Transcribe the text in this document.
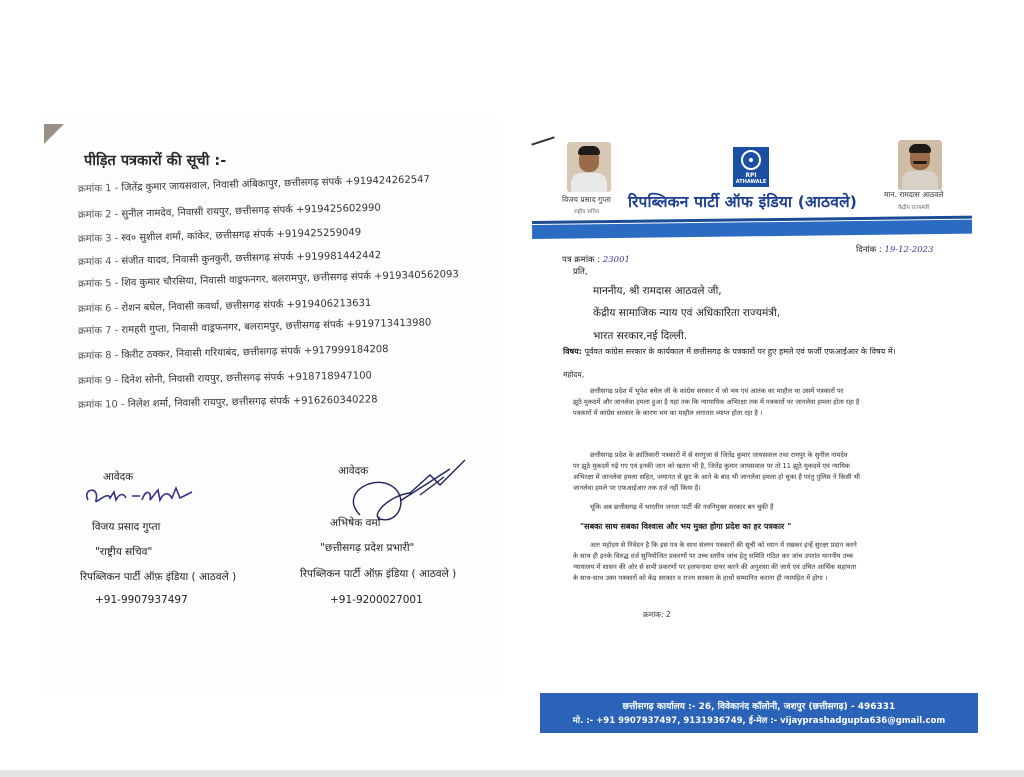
पीड़ित पत्रकारों की सूची :-
क्रमांक 1 - जितेंद्र कुमार जायसवाल, निवासी अंबिकापुर, छत्तीसगढ़ संपर्क +919424262547
क्रमांक 2 - सुनील नामदेव, निवासी रायपुर, छत्तीसगढ़ संपर्क +919425602990
क्रमांक 3 - स्व० सुशील शर्मा, कांकेर, छत्तीसगढ़ संपर्क +919425259049
क्रमांक 4 - संजीत यादव, निवासी कुनकुरी, छत्तीसगढ़ संपर्क +919981442442
क्रमांक 5 - शिव कुमार चौरसिया, निवासी वाड्रफनगर, बलरामपुर, छत्तीसगढ़ संपर्क +919340562093
क्रमांक 6 - रोशन बघेल, निवासी कवर्धा, छत्तीसगढ़ संपर्क +919406213631
क्रमांक 7 - रामहरी गुप्ता, निवासी वाड्रफनगर, बलरामपुर, छत्तीसगढ़ संपर्क +919713413980
क्रमांक 8 - किरीट ठक्कर, निवासी गरियाबंद, छत्तीसगढ़ संपर्क +917999184208
क्रमांक 9 - दिनेश सोनी, निवासी रायपुर, छत्तीसगढ़ संपर्क +918718947100
क्रमांक 10 - निलेश शर्मा, निवासी रायपुर, छत्तीसगढ़ संपर्क +916260340228
आवेदक
विजय प्रसाद गुप्ता
"राष्ट्रीय सचिव"
रिपब्लिकन पार्टी ऑफ़ इंडिया ( आठवले )
+91-9907937497
आवेदक
अभिषेक वर्मा
"छत्तीसगढ़ प्रदेश प्रभारी"
रिपब्लिकन पार्टी ऑफ़ इंडिया ( आठवले )
+91-9200027001
विजय प्रसाद गुप्ता
राष्ट्रीय सचिव
RPI
ATHAWALE
रिपब्लिकन पार्टी ऑफ इंडिया (आठवले)	मान. रामदास आठवले
केंद्रीय राज्यमंत्री
पत्र क्रमांक : 23001
दिनांक : 19-12-2023
प्रति,
माननीय, श्री रामदास आठवले जी,
केंद्रीय सामाजिक न्याय एवं अधिकारिता राज्यमंत्री,
भारत सरकार,नई दिल्ली.
विषय: पूर्ववत कांग्रेस सरकार के कार्यकाल में छत्तीसगढ़ के पत्रकारों पर हुए हमले एवं फर्जी एफआईआर के विषय में।
महोदय,
छत्तीसगढ़ प्रदेश में भूपेश बघेल जी के कांग्रेस सरकार में जो भय एवं आतंक का माहौल था उसमें पत्रकारों पर
झूठे मुकदमें और जानलेवा हमला हुआ है यहां तक कि न्यायायिक अभिरक्षा तक में पत्रकारों पर जानलेवा हमला होता रहा है
पत्रकारों में कांग्रेस सरकार के कारण भय का माहौल लगातार व्याप्त होता रहा है ।
छत्तीसगढ़ प्रदेश के क्रांतिकारी पत्रकारों में से सरगुजा से जितेंद्र कुमार जायसवाल तथा रायपुर के सुनील नामदेव
पर झूठे मुकदमें गढ़े गए एवं इनकी जान को खतरा भी है, जितेंद्र कुमार जायसवाल पर तो 11 झूठे मुकदमें एवं न्यायिक
अभिरक्षा में जानलेवा हमला सहित, जमानत से छूट के आने के बाद भी जानलेवा हमला हो चुका है परंतु पुलिस ने किसी भी
जानलेवा हमले पर एफआईआर तक दर्ज नहीं किया है।
चूंकि अब छत्तीसगढ़ में भारतीय जनता पार्टी की नवनियुक्त सरकार बन चुकी है
"सबका साथ सबका विश्वास और भय मुक्त होगा प्रदेश का हर पत्रकार "
अतः महोदय से निवेदन है कि इस पत्र के साथ संलग्न पत्रकारों की सूची को ध्यान में रखकर इन्हें सुरक्षा प्रदान करने
के साथ ही इनके विरुद्ध दर्ज सुनियोजित प्रकरणों पर उच्च स्तरीय जांच हेतु समिति गठित कर जांच उपरांत माननीय उच्च
न्यायालय में शासन की ओर से सभी प्रकरणों पर हलफनामा दायर करने की अनुशंसा की जाये एवं उचित आर्थिक सहायता
के साथ-साथ उक्त पत्रकारों को केंद्र सरकार व राज्य सरकार के हाथों सम्मानित कराना ही न्यायहित में होगा ।
क्रमांक: 2
छत्तीसगढ़ कार्यालय :- 26, विवेकानंद कॉलोनी, जशपुर (छत्तीसगढ़) - 496331
मो. :- +91 9907937497, 9131936749, ई-मेल :- vijayprashadgupta636@gmail.com
